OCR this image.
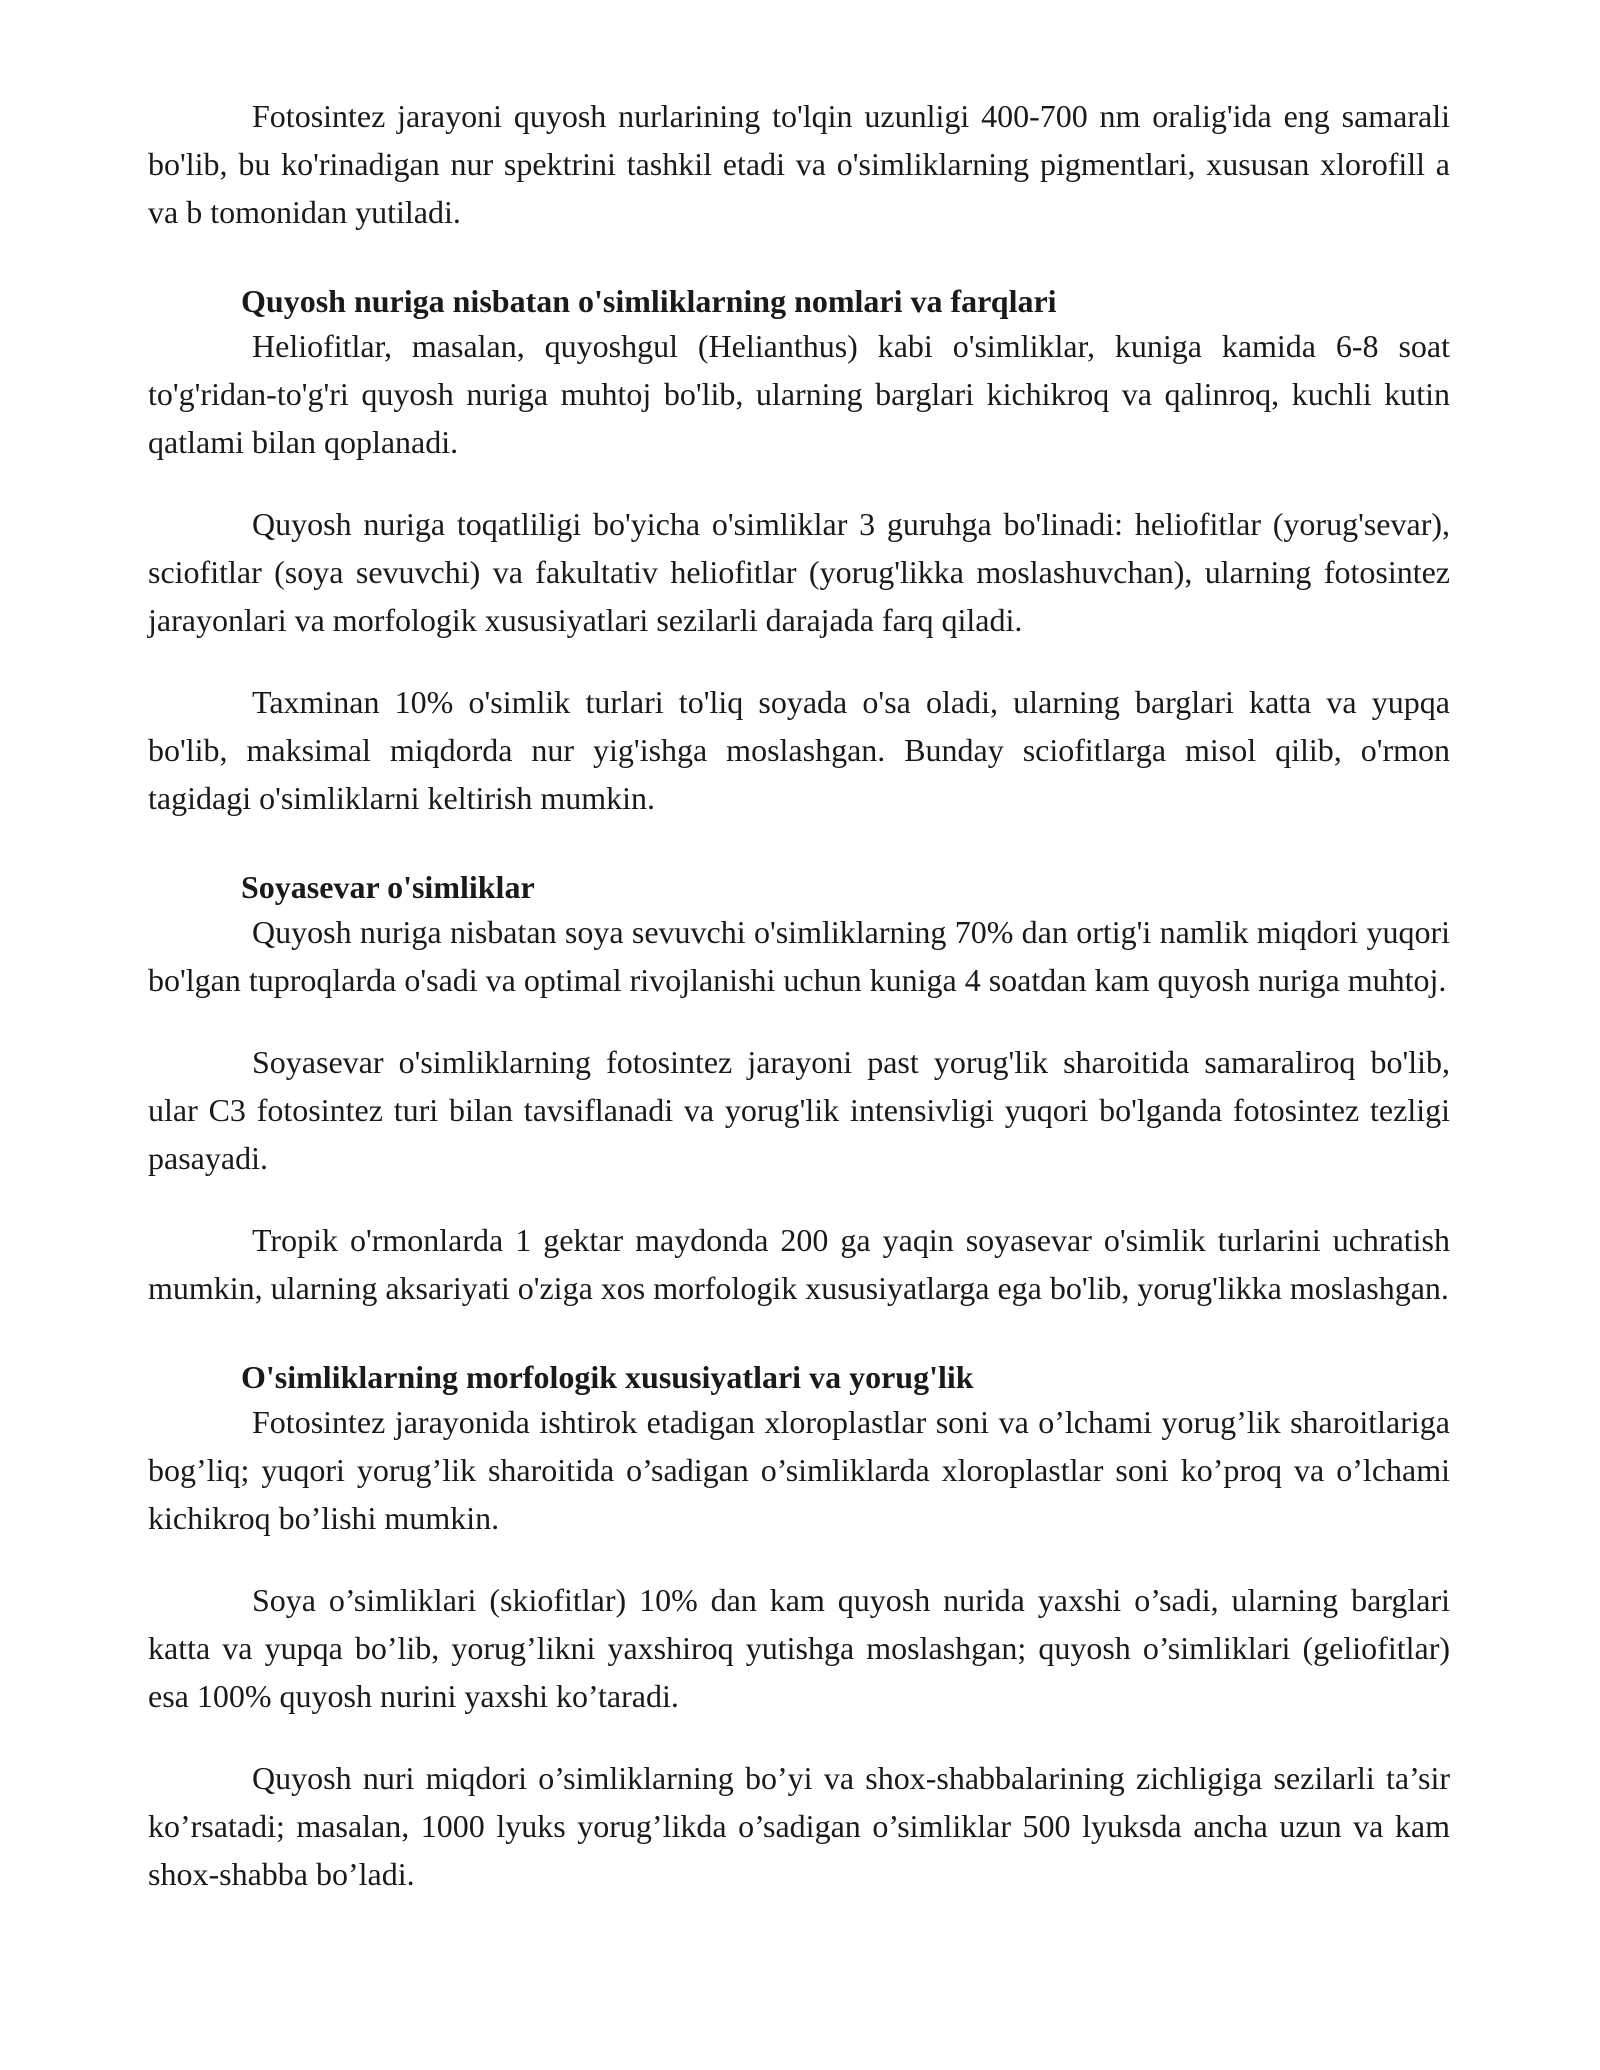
Fotosintez jarayoni quyosh nurlarining to'lqin uzunligi 400-700 nm oralig'ida eng samarali bo'lib, bu ko'rinadigan nur spektrini tashkil etadi va o'simliklarning pigmentlari, xususan xlorofill a va b tomonidan yutiladi.

Quyosh nuriga nisbatan o'simliklarning nomlari va farqlari

Heliofitlar, masalan, quyoshgul (Helianthus) kabi o'simliklar, kuniga kamida 6-8 soat to'g'ridan-to'g'ri quyosh nuriga muhtoj bo'lib, ularning barglari kichikroq va qalinroq, kuchli kutin qatlami bilan qoplanadi.

Quyosh nuriga toqatliligi bo'yicha o'simliklar 3 guruhga bo'linadi: heliofitlar (yorug'sevar), sciofitlar (soya sevuvchi) va fakultativ heliofitlar (yorug'likka moslashuvchan), ularning fotosintez jarayonlari va morfologik xususiyatlari sezilarli darajada farq qiladi.

Taxminan 10% o'simlik turlari to'liq soyada o'sa oladi, ularning barglari katta va yupqa bo'lib, maksimal miqdorda nur yig'ishga moslashgan. Bunday sciofitlarga misol qilib, o'rmon tagidagi o'simliklarni keltirish mumkin.

Soyasevar o'simliklar

Quyosh nuriga nisbatan soya sevuvchi o'simliklarning 70% dan ortig'i namlik miqdori yuqori bo'lgan tuproqlarda o'sadi va optimal rivojlanishi uchun kuniga 4 soatdan kam quyosh nuriga muhtoj.

Soyasevar o'simliklarning fotosintez jarayoni past yorug'lik sharoitida samaraliroq bo'lib, ular C3 fotosintez turi bilan tavsiflanadi va yorug'lik intensivligi yuqori bo'lganda fotosintez tezligi pasayadi.

Tropik o'rmonlarda 1 gektar maydonda 200 ga yaqin soyasevar o'simlik turlarini uchratish mumkin, ularning aksariyati o'ziga xos morfologik xususiyatlarga ega bo'lib, yorug'likka moslashgan.

O'simliklarning morfologik xususiyatlari va yorug'lik

Fotosintez jarayonida ishtirok etadigan xloroplastlar soni va o’lchami yorug’lik sharoitlariga bog’liq; yuqori yorug’lik sharoitida o’sadigan o’simliklarda xloroplastlar soni ko’proq va o’lchami kichikroq bo’lishi mumkin.

Soya o’simliklari (skiofitlar) 10% dan kam quyosh nurida yaxshi o’sadi, ularning barglari katta va yupqa bo’lib, yorug’likni yaxshiroq yutishga moslashgan; quyosh o’simliklari (geliofitlar) esa 100% quyosh nurini yaxshi ko’taradi.

Quyosh nuri miqdori o’simliklarning bo’yi va shox-shabbalarining zichligiga sezilarli ta’sir ko’rsatadi; masalan, 1000 lyuks yorug’likda o’sadigan o’simliklar 500 lyuksda ancha uzun va kam shox-shabba bo’ladi.
